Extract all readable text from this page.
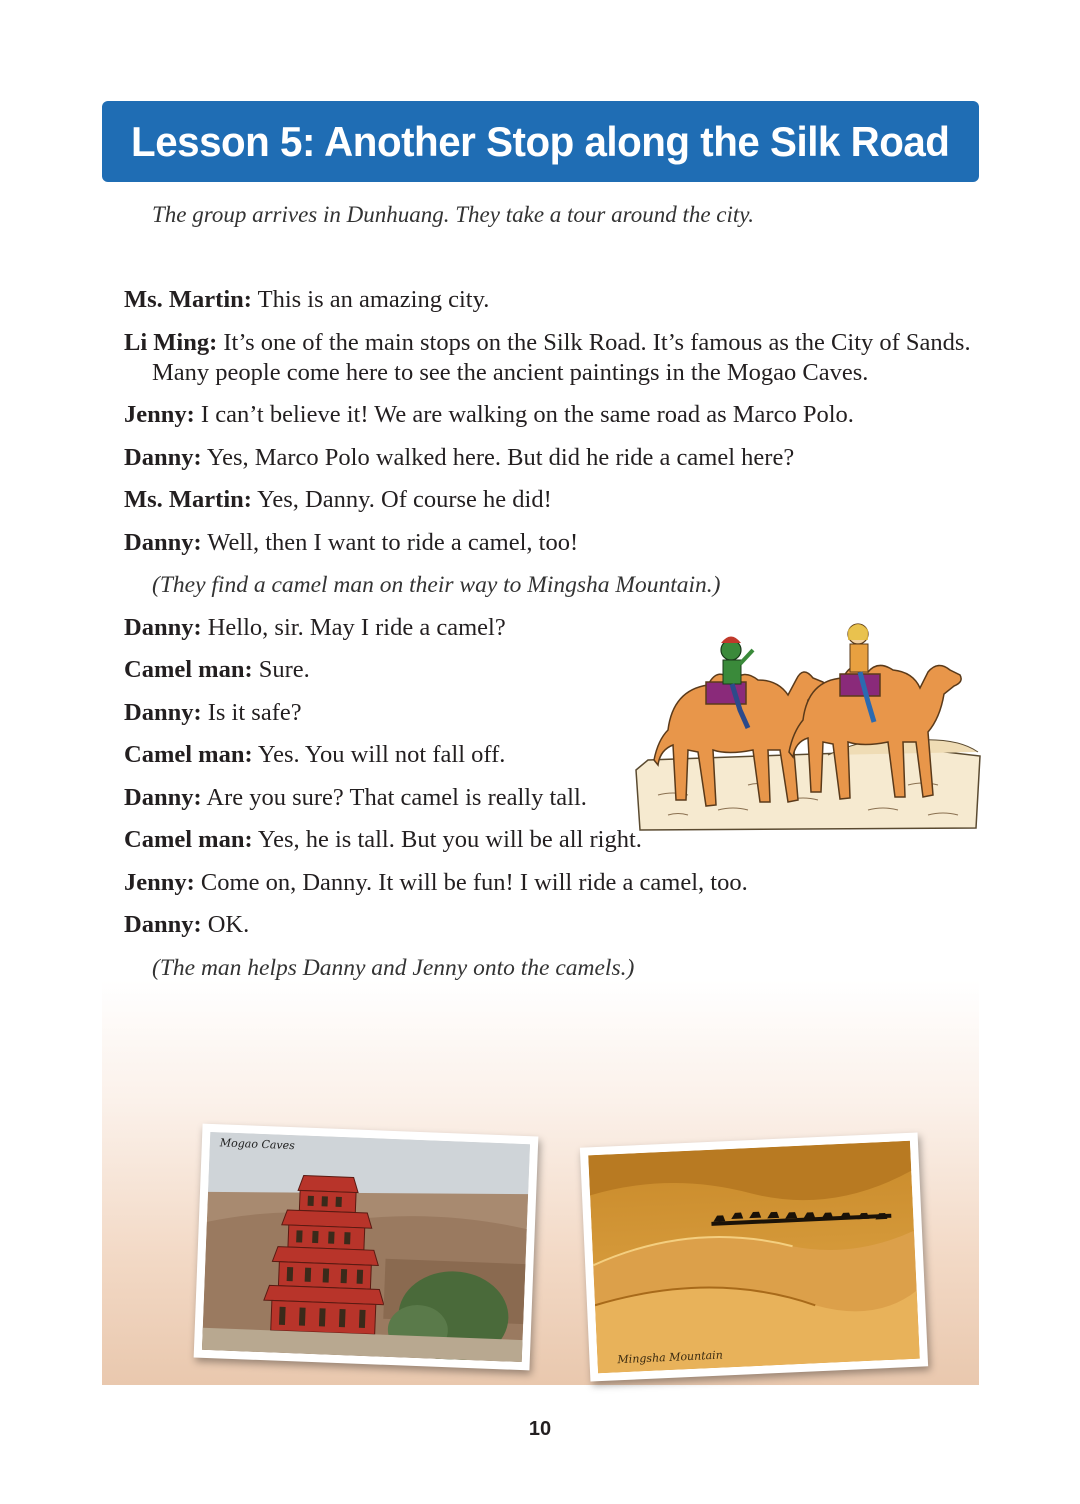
Lesson 5: Another Stop along the Silk Road
The group arrives in Dunhuang. They take a tour around the city.
Ms. Martin: This is an amazing city.
Li Ming: It’s one of the main stops on the Silk Road. It’s famous as the City of Sands. Many people come here to see the ancient paintings in the Mogao Caves.
Jenny: I can’t believe it! We are walking on the same road as Marco Polo.
Danny: Yes, Marco Polo walked here. But did he ride a camel here?
Ms. Martin: Yes, Danny. Of course he did!
Danny: Well, then I want to ride a camel, too!
(They find a camel man on their way to Mingsha Mountain.)
Danny: Hello, sir. May I ride a camel?
Camel man: Sure.
Danny: Is it safe?
Camel man: Yes. You will not fall off.
Danny: Are you sure? That camel is really tall.
Camel man: Yes, he is tall. But you will be all right.
Jenny: Come on, Danny. It will be fun! I will ride a camel, too.
Danny: OK.
(The man helps Danny and Jenny onto the camels.)
Mogao Caves
Mingsha Mountain
10
